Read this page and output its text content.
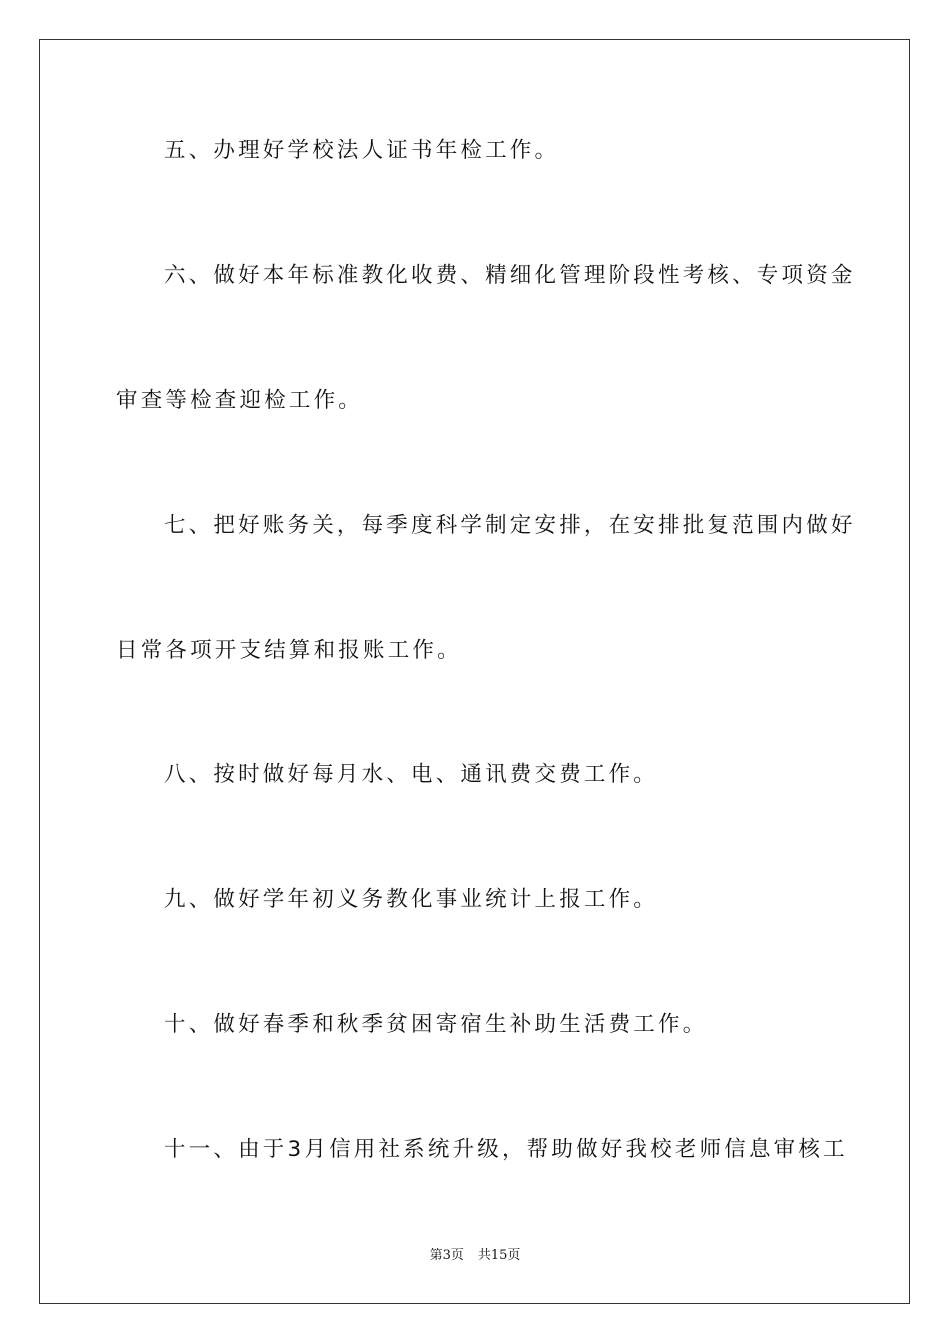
五、办理好学校法人证书年检工作。
六、做好本年标准教化收费、精细化管理阶段性考核、专项资金
审查等检查迎检工作。
七、把好账务关，每季度科学制定安排，在安排批复范围内做好
日常各项开支结算和报账工作。
八、按时做好每月水、电、通讯费交费工作。
九、做好学年初义务教化事业统计上报工作。
十、做好春季和秋季贫困寄宿生补助生活费工作。
十一、由于3月信用社系统升级，帮助做好我校老师信息审核工
第3页 共15页
